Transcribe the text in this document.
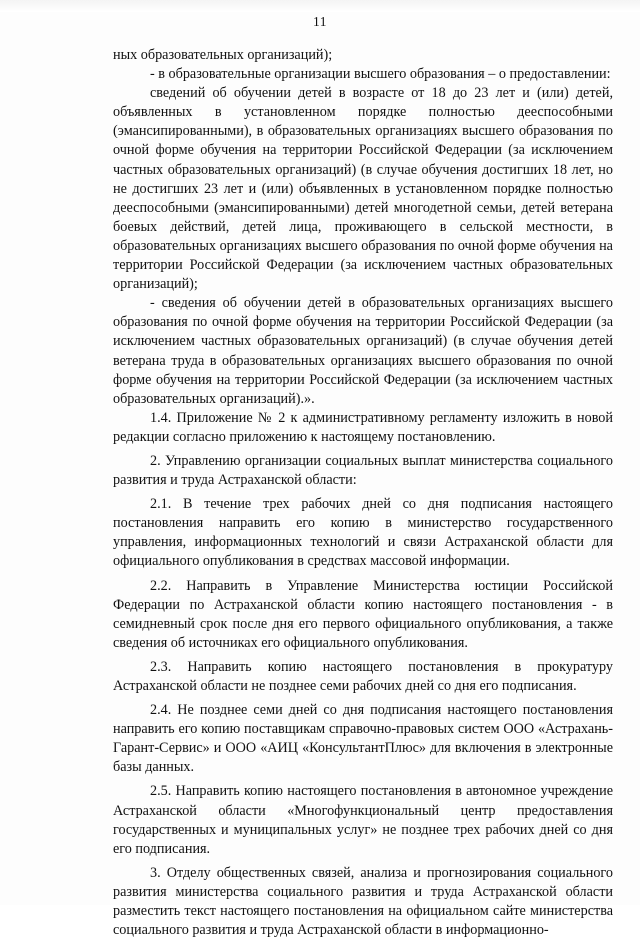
11

ных образовательных организаций);

- в образовательные организации высшего образования – о предоставлении:

сведений об обучении детей в возрасте от 18 до 23 лет и (или) детей, объявленных в установленном порядке полностью дееспособными (эмансипированными), в образовательных организациях высшего образования по очной форме обучения на территории Российской Федерации (за исключением частных образовательных организаций) (в случае обучения достигших 18 лет, но не достигших 23 лет и (или) объявленных в установленном порядке полностью дееспособными (эмансипированными) детей многодетной семьи, детей ветерана боевых действий, детей лица, проживающего в сельской местности, в образовательных организациях высшего образования по очной форме обучения на территории Российской Федерации (за исключением частных образовательных организаций);

- сведения об обучении детей в образовательных организациях высшего образования по очной форме обучения на территории Российской Федерации (за исключением частных образовательных организаций) (в случае обучения детей ветерана труда в образовательных организациях высшего образования по очной форме обучения на территории Российской Федерации (за исключением частных образовательных организаций).».

1.4. Приложение № 2 к административному регламенту изложить в новой редакции согласно приложению к настоящему постановлению.

2. Управлению организации социальных выплат министерства социального развития и труда Астраханской области:

2.1. В течение трех рабочих дней со дня подписания настоящего постановления направить его копию в министерство государственного управления, информационных технологий и связи Астраханской области для официального опубликования в средствах массовой информации.

2.2. Направить в Управление Министерства юстиции Российской Федерации по Астраханской области копию настоящего постановления - в семидневный срок после дня его первого официального опубликования, а также сведения об источниках его официального опубликования.

2.3. Направить копию настоящего постановления в прокуратуру Астраханской области не позднее семи рабочих дней со дня его подписания.

2.4. Не позднее семи дней со дня подписания настоящего постановления направить его копию поставщикам справочно-правовых систем ООО «Астрахань-Гарант-Сервис» и ООО «АИЦ «КонсультантПлюс» для включения в электронные базы данных.

2.5. Направить копию настоящего постановления в автономное учреждение Астраханской области «Многофункциональный центр предоставления государственных и муниципальных услуг» не позднее трех рабочих дней со дня его подписания.

3. Отделу общественных связей, анализа и прогнозирования социального развития министерства социального развития и труда Астраханской области разместить текст настоящего постановления на официальном сайте министерства социального развития и труда Астраханской области в информационно-
